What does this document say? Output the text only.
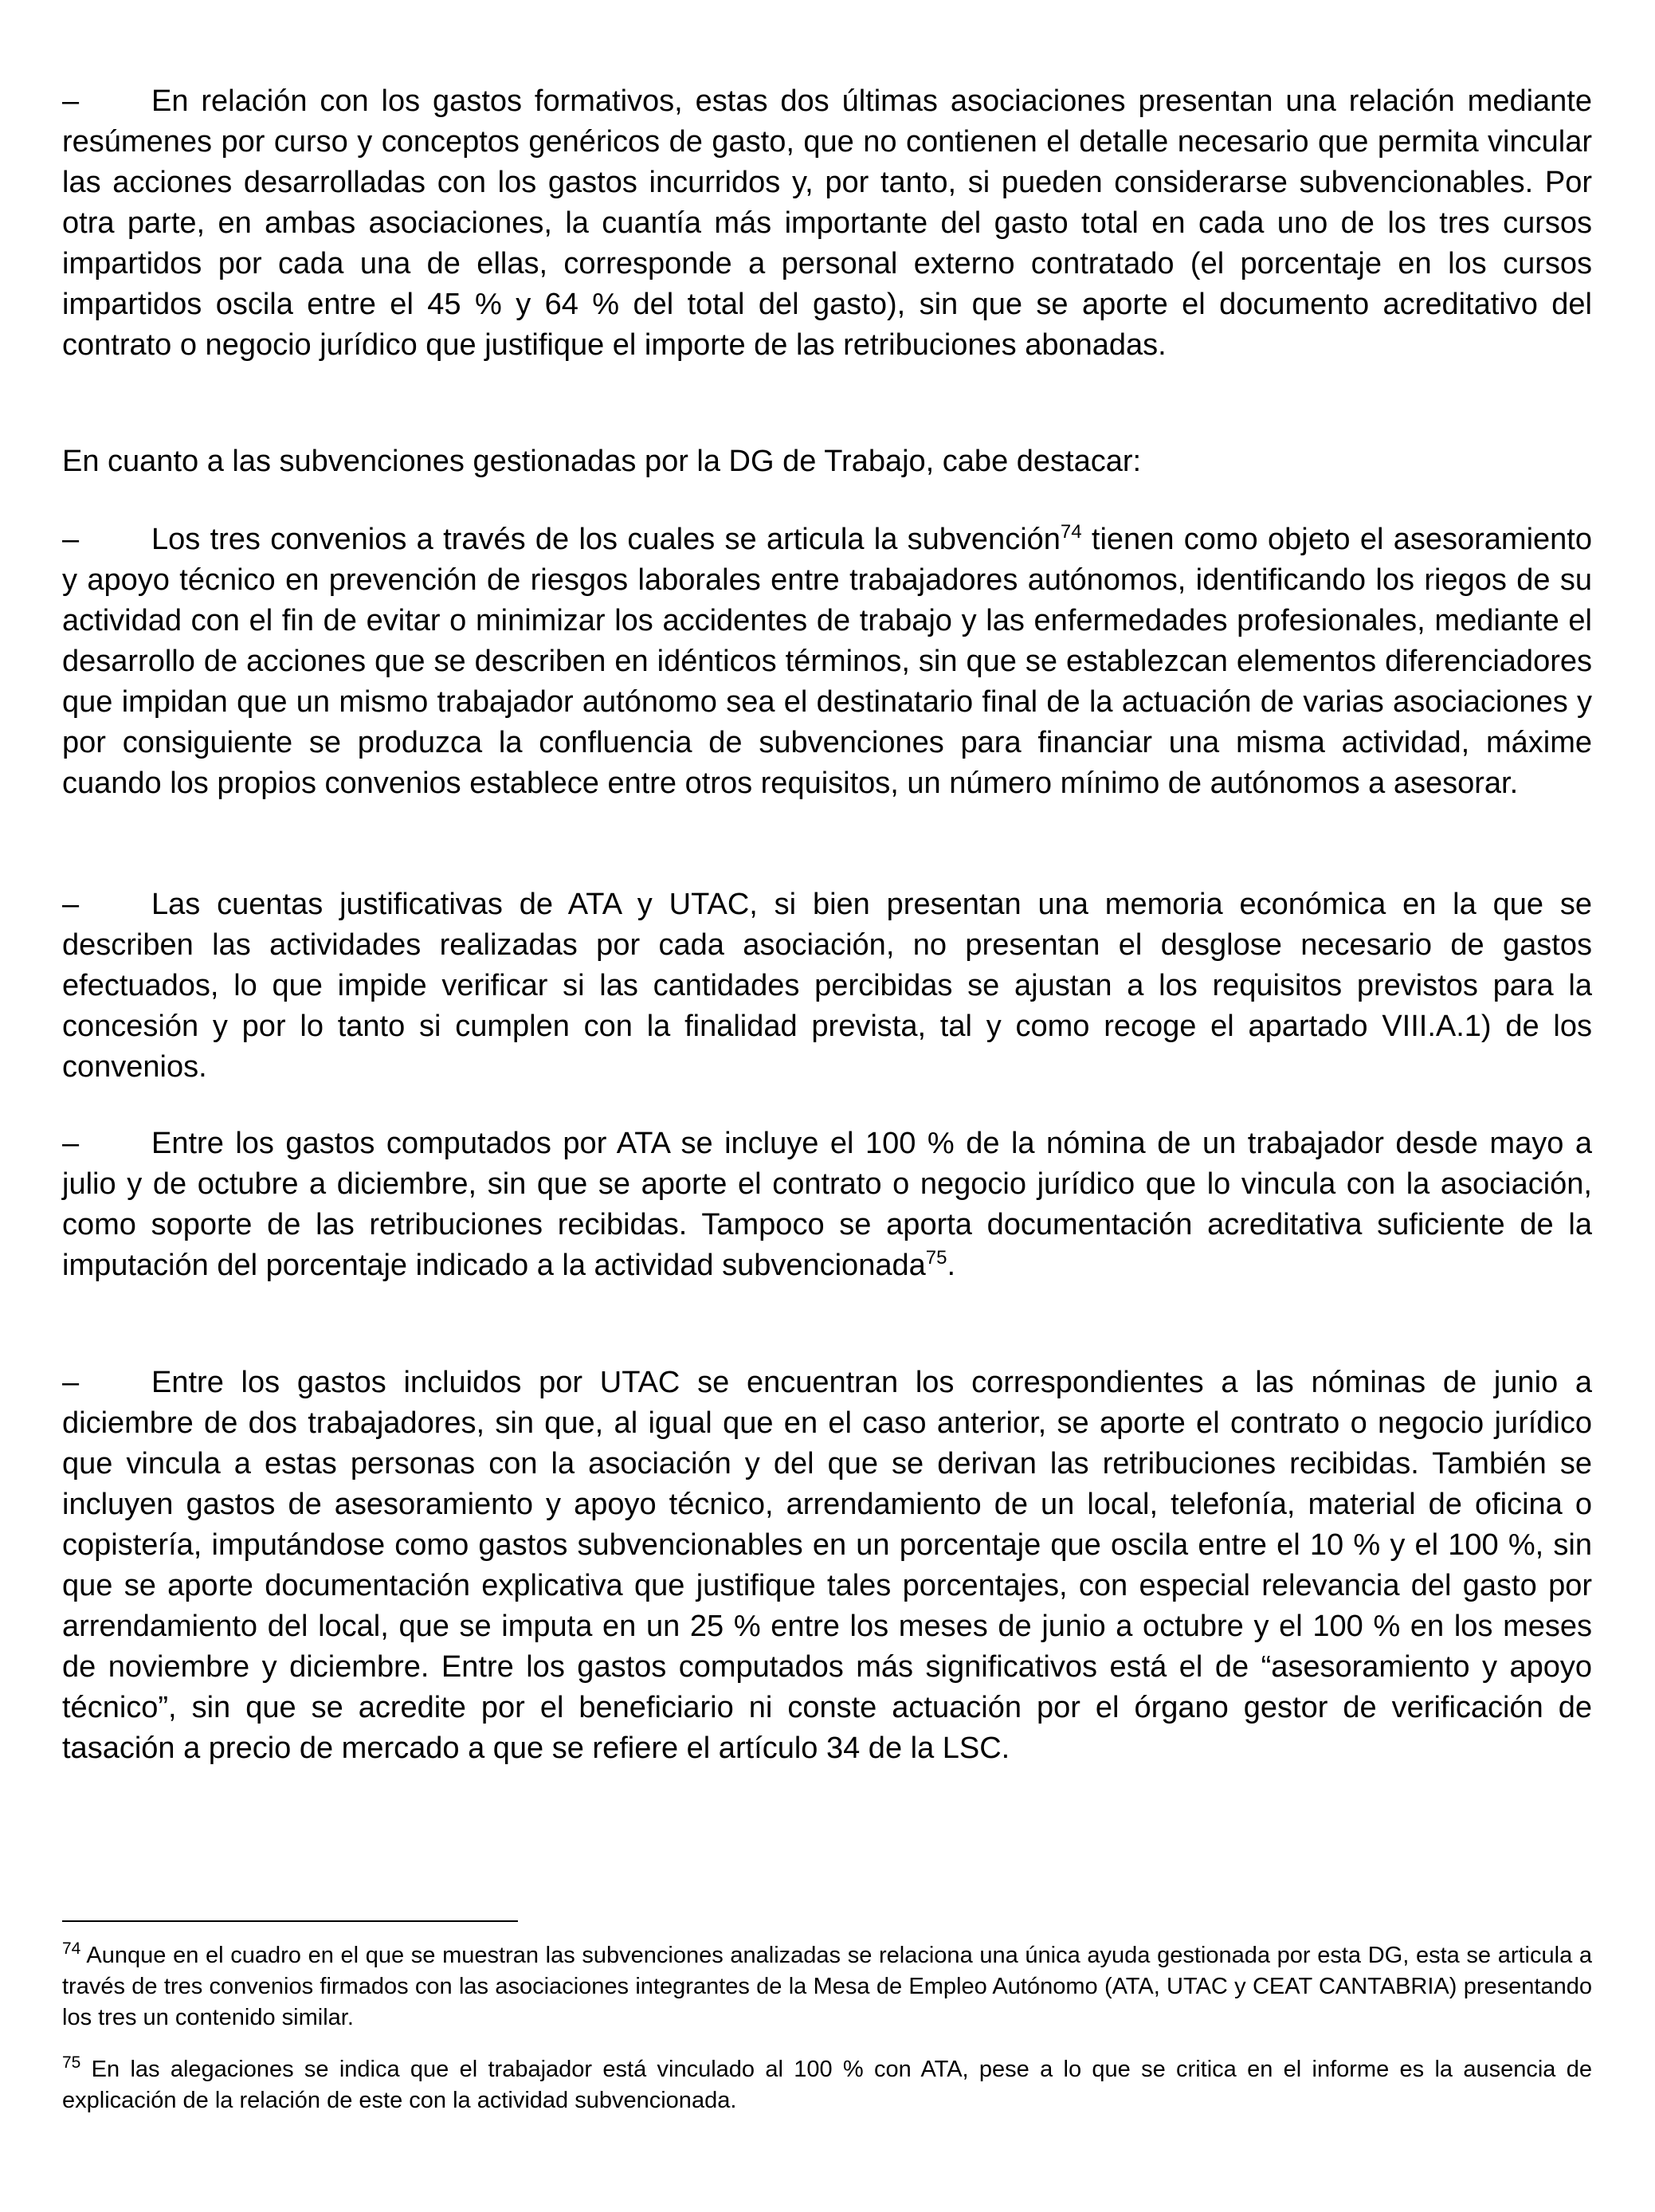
– En relación con los gastos formativos, estas dos últimas asociaciones presentan una relación mediante resúmenes por curso y conceptos genéricos de gasto, que no contienen el detalle necesario que permita vincular las acciones desarrolladas con los gastos incurridos y, por tanto, si pueden considerarse subvencionables. Por otra parte, en ambas asociaciones, la cuantía más importante del gasto total en cada uno de los tres cursos impartidos por cada una de ellas, corresponde a personal externo contratado (el porcentaje en los cursos impartidos oscila entre el 45 % y 64 % del total del gasto), sin que se aporte el documento acreditativo del contrato o negocio jurídico que justifique el importe de las retribuciones abonadas.

En cuanto a las subvenciones gestionadas por la DG de Trabajo, cabe destacar:

– Los tres convenios a través de los cuales se articula la subvención$^{74}$ tienen como objeto el asesoramiento y apoyo técnico en prevención de riesgos laborales entre trabajadores autónomos, identificando los riegos de su actividad con el fin de evitar o minimizar los accidentes de trabajo y las enfermedades profesionales, mediante el desarrollo de acciones que se describen en idénticos términos, sin que se establezcan elementos diferenciadores que impidan que un mismo trabajador autónomo sea el destinatario final de la actuación de varias asociaciones y por consiguiente se produzca la confluencia de subvenciones para financiar una misma actividad, máxime cuando los propios convenios establece entre otros requisitos, un número mínimo de autónomos a asesorar.

– Las cuentas justificativas de ATA y UTAC, si bien presentan una memoria económica en la que se describen las actividades realizadas por cada asociación, no presentan el desglose necesario de gastos efectuados, lo que impide verificar si las cantidades percibidas se ajustan a los requisitos previstos para la concesión y por lo tanto si cumplen con la finalidad prevista, tal y como recoge el apartado VIII.A.1) de los convenios.

– Entre los gastos computados por ATA se incluye el 100 % de la nómina de un trabajador desde mayo a julio y de octubre a diciembre, sin que se aporte el contrato o negocio jurídico que lo vincula con la asociación, como soporte de las retribuciones recibidas. Tampoco se aporta documentación acreditativa suficiente de la imputación del porcentaje indicado a la actividad subvencionada$^{75}$.

– Entre los gastos incluidos por UTAC se encuentran los correspondientes a las nóminas de junio a diciembre de dos trabajadores, sin que, al igual que en el caso anterior, se aporte el contrato o negocio jurídico que vincula a estas personas con la asociación y del que se derivan las retribuciones recibidas. También se incluyen gastos de asesoramiento y apoyo técnico, arrendamiento de un local, telefonía, material de oficina o copistería, imputándose como gastos subvencionables en un porcentaje que oscila entre el 10 % y el 100 %, sin que se aporte documentación explicativa que justifique tales porcentajes, con especial relevancia del gasto por arrendamiento del local, que se imputa en un 25 % entre los meses de junio a octubre y el 100 % en los meses de noviembre y diciembre. Entre los gastos computados más significativos está el de “asesoramiento y apoyo técnico”, sin que se acredite por el beneficiario ni conste actuación por el órgano gestor de verificación de tasación a precio de mercado a que se refiere el artículo 34 de la LSC.

$^{74}$ Aunque en el cuadro en el que se muestran las subvenciones analizadas se relaciona una única ayuda gestionada por esta DG, esta se articula a través de tres convenios firmados con las asociaciones integrantes de la Mesa de Empleo Autónomo (ATA, UTAC y CEAT CANTABRIA) presentando los tres un contenido similar.

$^{75}$ En las alegaciones se indica que el trabajador está vinculado al 100 % con ATA, pese a lo que se critica en el informe es la ausencia de explicación de la relación de este con la actividad subvencionada.
